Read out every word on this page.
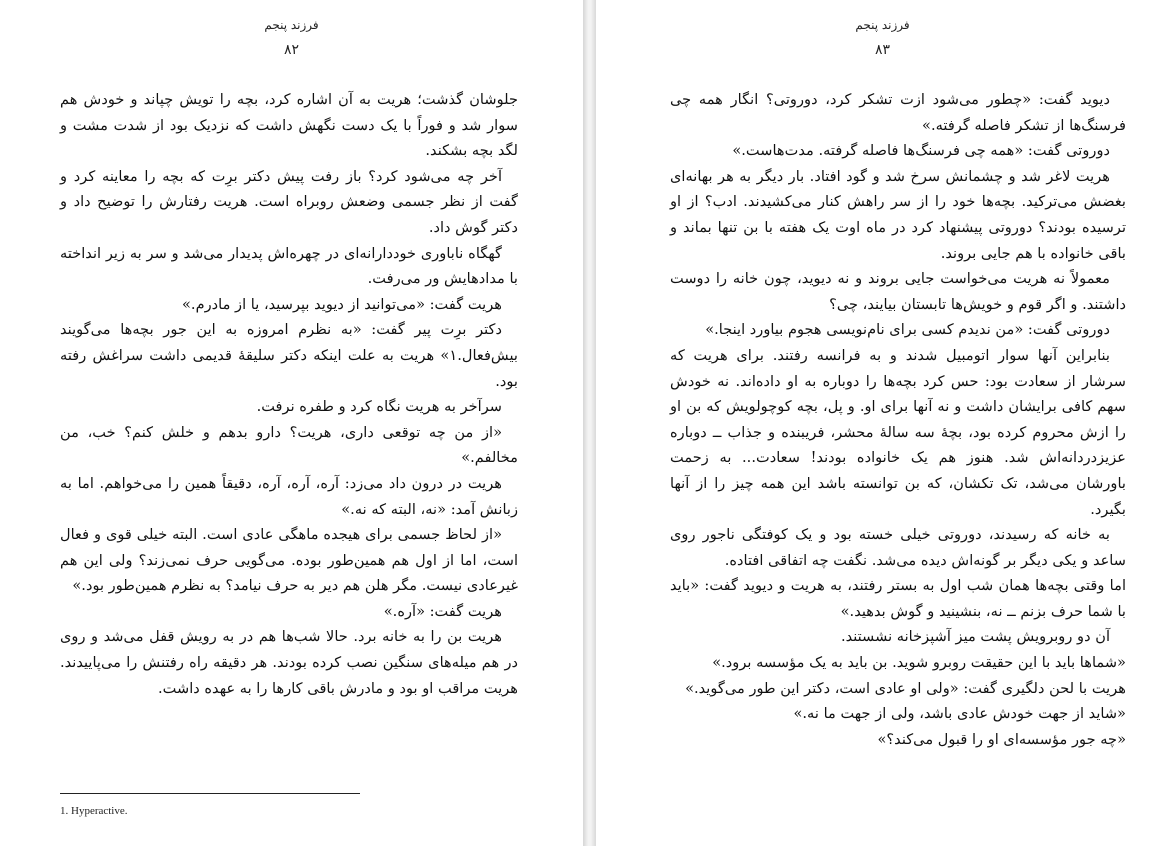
فرزند پنجم
۸۲

جلوشان گذشت؛ هریت به آن اشاره کرد، بچه را تویش چپاند و خودش هم سوار شد و فوراً با یک دست نگهش داشت که نزدیک بود از شدت مشت و لگد بچه بشکند.

آخر چه می‌شود کرد؟ باز رفت پیش دکتر برِت که بچه را معاینه کرد و گفت از نظر جسمی وضعش روبراه است. هریت رفتارش را توضیح داد و دکتر گوش داد.

گهگاه ناباوری خوددارانه‌ای در چهره‌اش پدیدار می‌شد و سر به زیر انداخته با مدادهایش ور می‌رفت.

هریت گفت: «می‌توانید از دیوید بپرسید، یا از مادرم.»

دکتر برِت پیر گفت: «به نظرم امروزه به این جور بچه‌ها می‌گویند بیش‌فعال.۱» هریت به علت اینکه دکتر سلیقهٔ قدیمی داشت سراغش رفته بود.

سرآخر به هریت نگاه کرد و طفره نرفت.

«از من چه توقعی داری، هریت؟ دارو بدهم و خلش کنم؟ خب، من مخالفم.»

هریت در درون داد می‌زد: آره، آره، آره، دقیقاً همین را می‌خواهم. اما به زبانش آمد: «نه، البته که نه.»

«از لحاظ جسمی برای هیجده ماهگی عادی است. البته خیلی قوی و فعال است، اما از اول هم همین‌طور بوده. می‌گویی حرف نمی‌زند؟ ولی این هم غیرعادی نیست. مگر هلن هم دیر به حرف نیامد؟ به نظرم همین‌طور بود.»

هریت گفت: «آره.»

هریت بن را به خانه برد. حالا شب‌ها هم در به رویش قفل می‌شد و روی در هم میله‌های سنگین نصب کرده بودند. هر دقیقه راه رفتنش را می‌پاییدند. هریت مراقب او بود و مادرش باقی کارها را به عهده داشت.

1. Hyperactive.
فرزند پنجم
۸۳

دیوید گفت: «چطور می‌شود ازت تشکر کرد، دوروتی؟ انگار همه چی فرسنگ‌ها از تشکر فاصله گرفته.»

دوروتی گفت: «همه چی فرسنگ‌ها فاصله گرفته. مدت‌هاست.»

هریت لاغر شد و چشمانش سرخ شد و گود افتاد. بار دیگر به هر بهانه‌ای بغضش می‌ترکید. بچه‌ها خود را از سر راهش کنار می‌کشیدند. ادب؟ از او ترسیده بودند؟ دوروتی پیشنهاد کرد در ماه اوت یک هفته با بن تنها بماند و باقی خانواده با هم جایی بروند.

معمولاً نه هریت می‌خواست جایی بروند و نه دیوید، چون خانه را دوست داشتند. و اگر قوم و خویش‌ها تابستان بیایند، چی؟

دوروتی گفت: «من ندیدم کسی برای نام‌نویسی هجوم بیاورد اینجا.»

بنابراین آنها سوار اتومبیل شدند و به فرانسه رفتند. برای هریت که سرشار از سعادت بود: حس کرد بچه‌ها را دوباره به او داده‌اند. نه خودش سهم کافی برایشان داشت و نه آنها برای او. و پل، بچه کوچولویش که بن او را ازش محروم کرده بود، بچهٔ سه سالهٔ محشر، فریبنده و جذاب ــ دوباره عزیزدردانه‌اش شد. هنوز هم یک خانواده بودند! سعادت... به زحمت باورشان می‌شد، تک تکشان، که بن توانسته باشد این همه چیز را از آنها بگیرد.

به خانه که رسیدند، دوروتی خیلی خسته بود و یک کوفتگی ناجور روی ساعد و یکی دیگر بر گونه‌اش دیده می‌شد. نگفت چه اتفاقی افتاده.

اما وقتی بچه‌ها همان شب اول به بستر رفتند، به هریت و دیوید گفت: «باید با شما حرف بزنم ــ نه، بنشینید و گوش بدهید.»

آن دو روبرویش پشت میز آشپزخانه نشستند.

«شماها باید با این حقیقت روبرو شوید. بن باید به یک مؤسسه برود.»

هریت با لحن دلگیری گفت: «ولی او عادی است، دکتر این طور می‌گوید.»

«شاید از جهت خودش عادی باشد، ولی از جهت ما نه.»

«چه جور مؤسسه‌ای او را قبول می‌کند؟»
